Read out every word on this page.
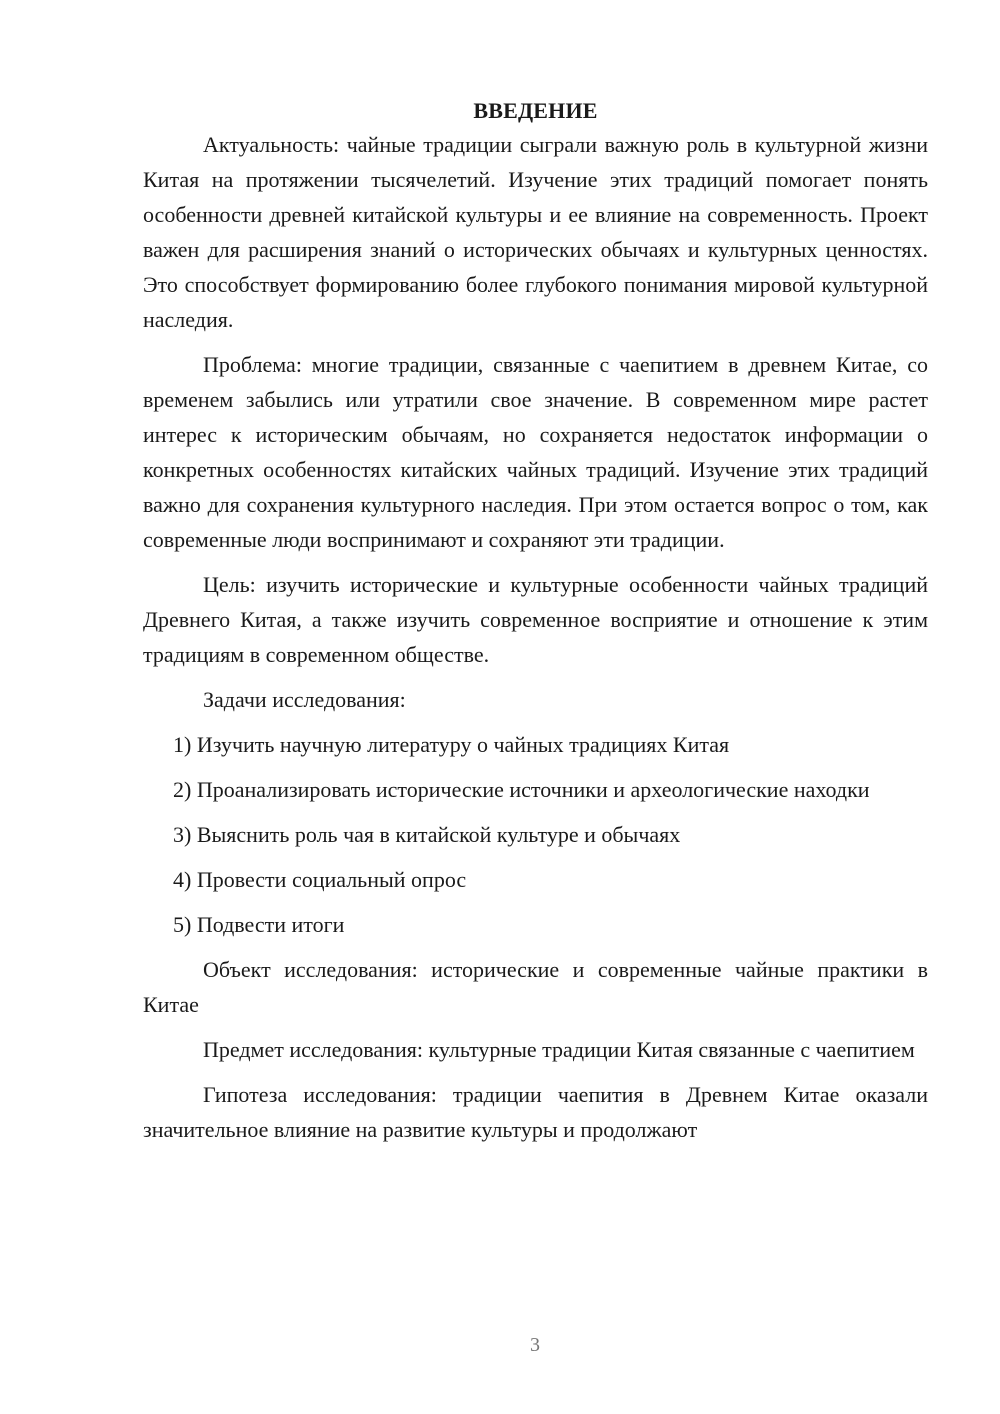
ВВЕДЕНИЕ

Актуальность: чайные традиции сыграли важную роль в культурной жизни Китая на протяжении тысячелетий. Изучение этих традиций помогает понять особенности древней китайской культуры и ее влияние на современность. Проект важен для расширения знаний о исторических обычаях и культурных ценностях. Это способствует формированию более глубокого понимания мировой культурной наследия.

Проблема: многие традиции, связанные с чаепитием в древнем Китае, со временем забылись или утратили свое значение. В современном мире растет интерес к историческим обычаям, но сохраняется недостаток информации о конкретных особенностях китайских чайных традиций. Изучение этих традиций важно для сохранения культурного наследия. При этом остается вопрос о том, как современные люди воспринимают и сохраняют эти традиции.

Цель: изучить исторические и культурные особенности чайных традиций Древнего Китая, а также изучить современное восприятие и отношение к этим традициям в современном обществе.

Задачи исследования:

1) Изучить научную литературу о чайных традициях Китая

2) Проанализировать исторические источники и археологические находки

3) Выяснить роль чая в китайской культуре и обычаях

4) Провести социальный опрос

5) Подвести итоги

Объект исследования: исторические и современные чайные практики в Китае

Предмет исследования: культурные традиции Китая связанные с чаепитием

Гипотеза исследования: традиции чаепития в Древнем Китае оказали значительное влияние на развитие культуры и продолжают

3
